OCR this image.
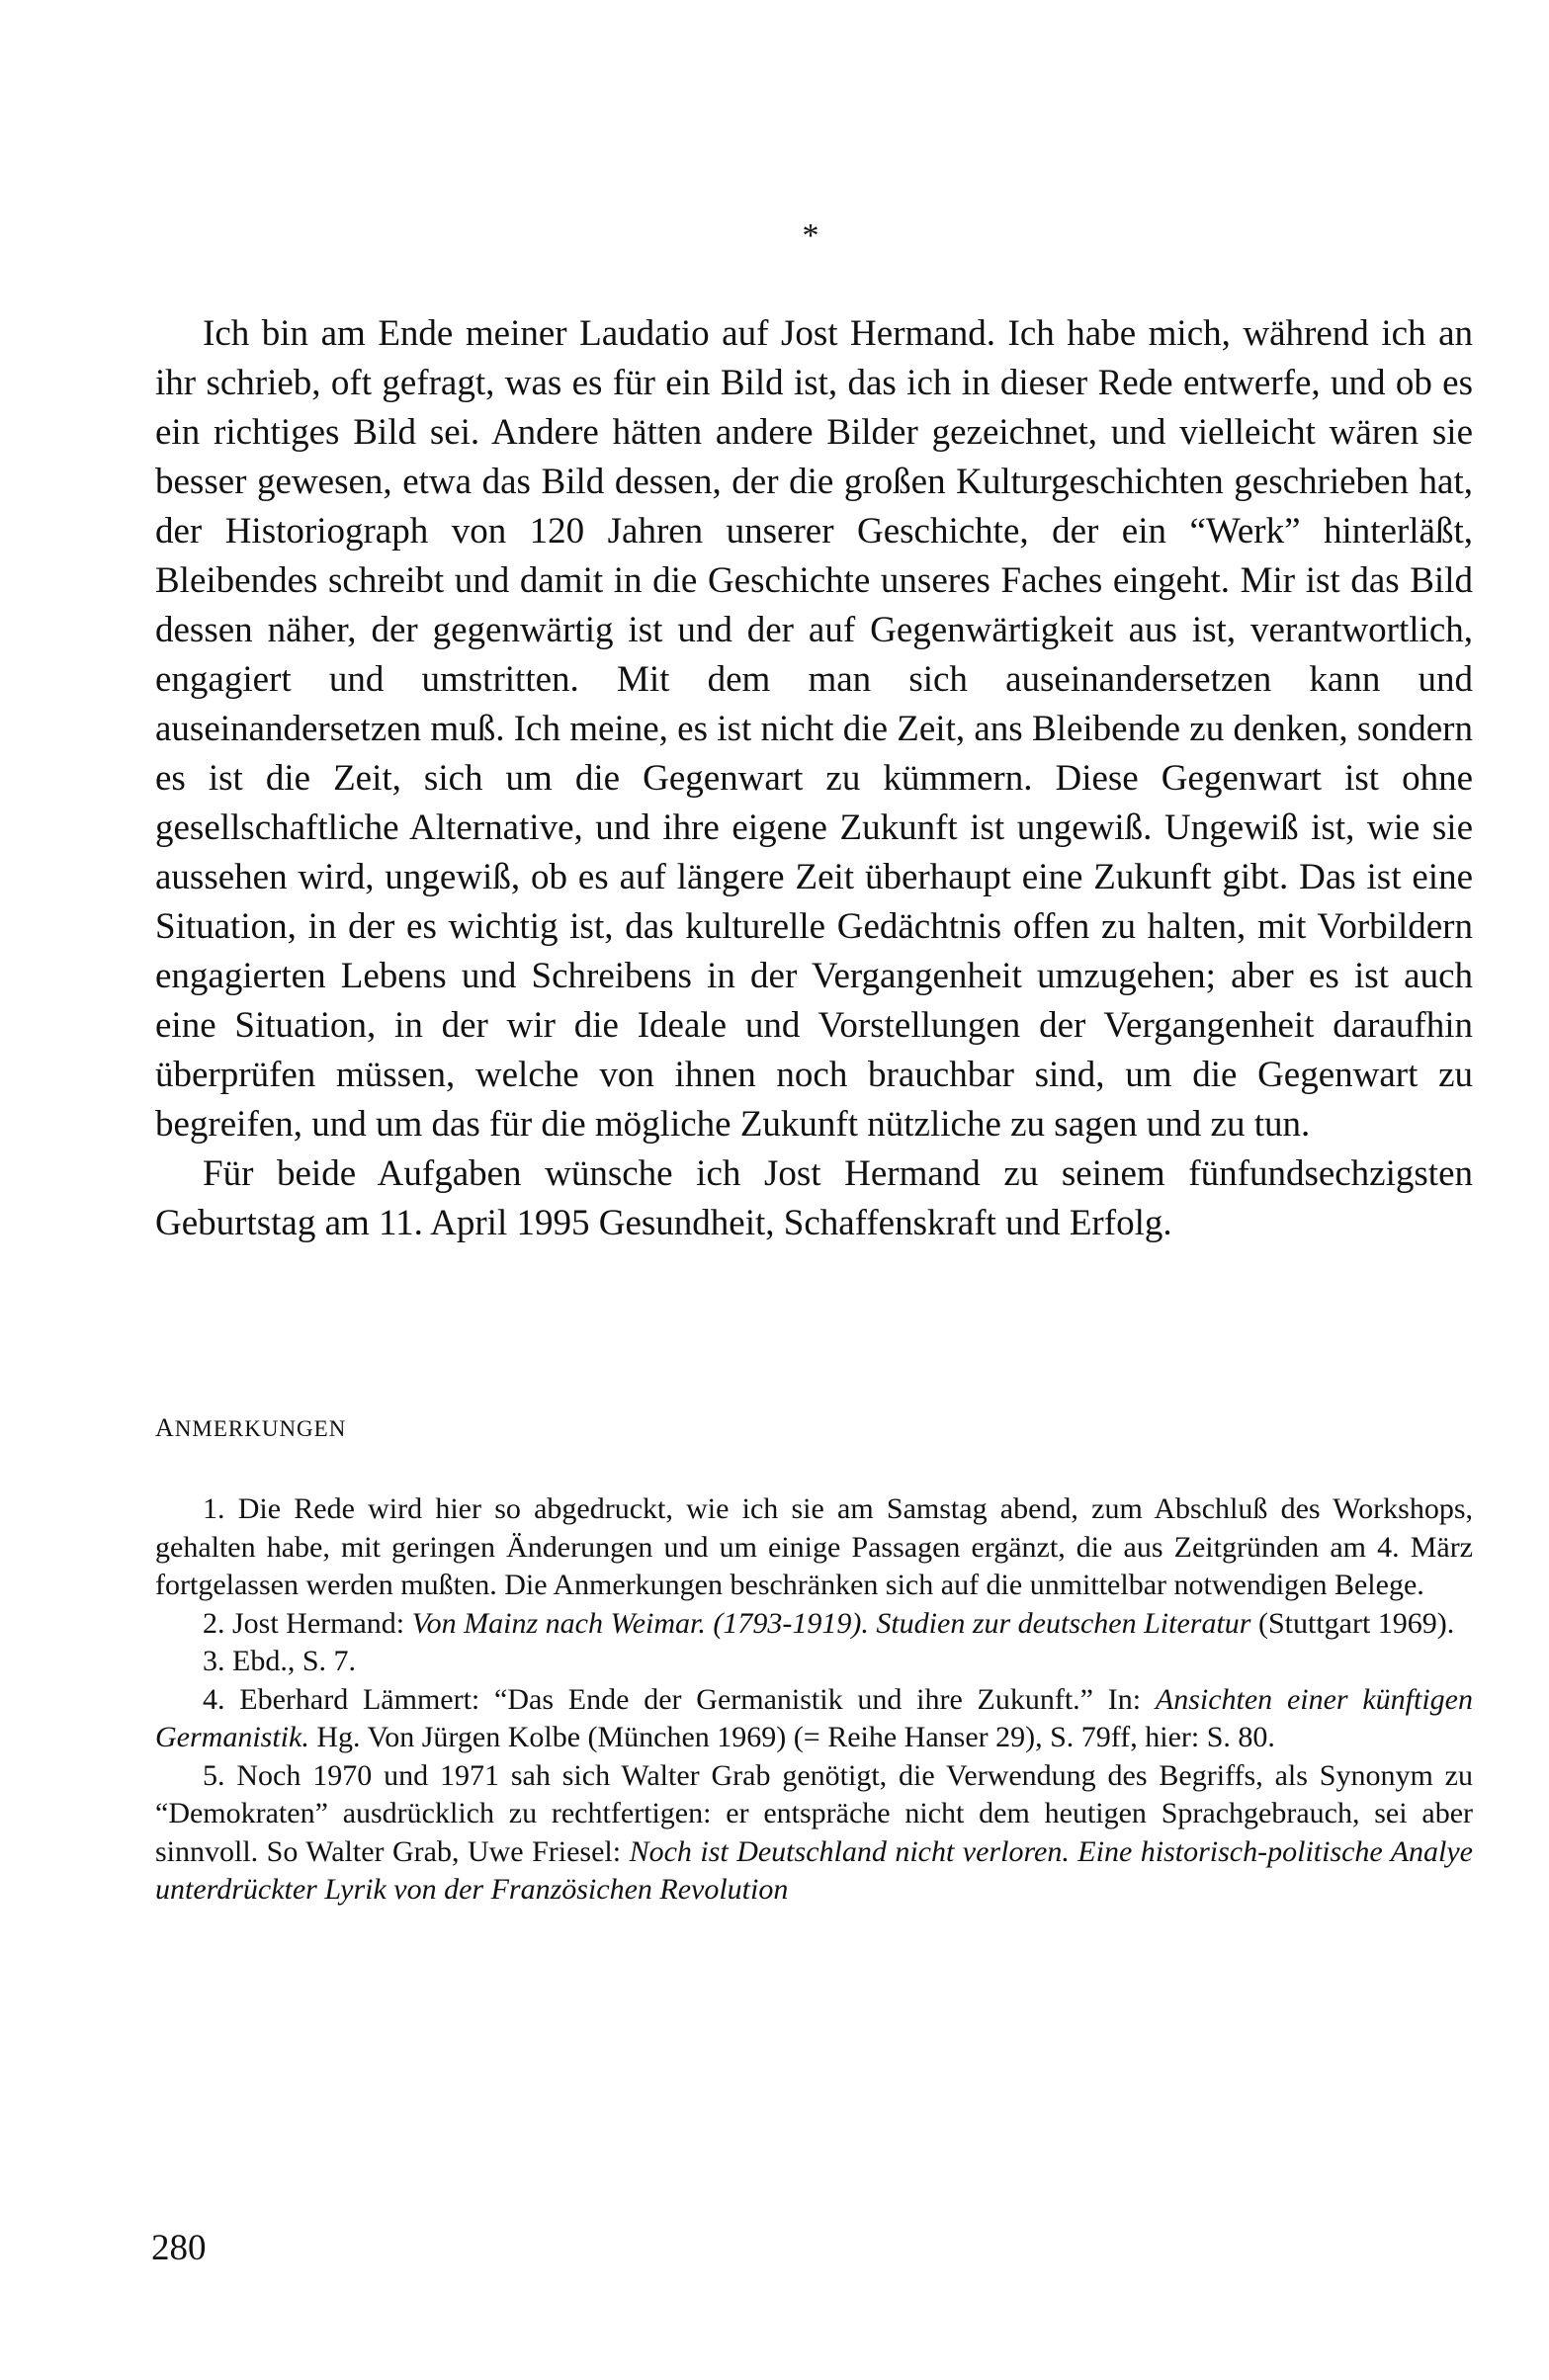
*

Ich bin am Ende meiner Laudatio auf Jost Hermand. Ich habe mich, während ich an ihr schrieb, oft gefragt, was es für ein Bild ist, das ich in dieser Rede entwerfe, und ob es ein richtiges Bild sei. Andere hätten andere Bilder gezeichnet, und vielleicht wären sie besser gewesen, etwa das Bild dessen, der die großen Kulturgeschichten geschrieben hat, der Historiograph von 120 Jahren unserer Geschichte, der ein “Werk” hinterläßt, Bleibendes schreibt und damit in die Geschichte unseres Faches eingeht. Mir ist das Bild dessen näher, der gegenwärtig ist und der auf Gegenwärtigkeit aus ist, verantwortlich, engagiert und umstritten. Mit dem man sich auseinandersetzen kann und auseinandersetzen muß. Ich meine, es ist nicht die Zeit, ans Bleibende zu denken, sondern es ist die Zeit, sich um die Gegenwart zu kümmern. Diese Gegenwart ist ohne gesellschaftliche Alternative, und ihre eigene Zukunft ist ungewiß. Ungewiß ist, wie sie aussehen wird, ungewiß, ob es auf längere Zeit überhaupt eine Zukunft gibt. Das ist eine Situation, in der es wichtig ist, das kulturelle Gedächtnis offen zu halten, mit Vorbildern engagierten Lebens und Schreibens in der Vergangenheit umzugehen; aber es ist auch eine Situation, in der wir die Ideale und Vorstellungen der Vergangenheit daraufhin überprüfen müssen, welche von ihnen noch brauchbar sind, um die Gegenwart zu begreifen, und um das für die mögliche Zukunft nützliche zu sagen und zu tun.

Für beide Aufgaben wünsche ich Jost Hermand zu seinem fünfundsechzigsten Geburtstag am 11. April 1995 Gesundheit, Schaffenskraft und Erfolg.

ANMERKUNGEN

1. Die Rede wird hier so abgedruckt, wie ich sie am Samstag abend, zum Abschluß des Workshops, gehalten habe, mit geringen Änderungen und um einige Passagen ergänzt, die aus Zeitgründen am 4. März fortgelassen werden mußten. Die Anmerkungen beschränken sich auf die unmittelbar notwendigen Belege.

2. Jost Hermand: Von Mainz nach Weimar. (1793-1919). Studien zur deutschen Literatur (Stuttgart 1969).

3. Ebd., S. 7.

4. Eberhard Lämmert: “Das Ende der Germanistik und ihre Zukunft.” In: Ansichten einer künftigen Germanistik. Hg. Von Jürgen Kolbe (München 1969) (= Reihe Hanser 29), S. 79ff, hier: S. 80.

5. Noch 1970 und 1971 sah sich Walter Grab genötigt, die Verwendung des Begriffs, als Synonym zu “Demokraten” ausdrücklich zu rechtfertigen: er entspräche nicht dem heutigen Sprachgebrauch, sei aber sinnvoll. So Walter Grab, Uwe Friesel: Noch ist Deutschland nicht verloren. Eine historisch-politische Analye unterdrückter Lyrik von der Französichen Revolution

280
